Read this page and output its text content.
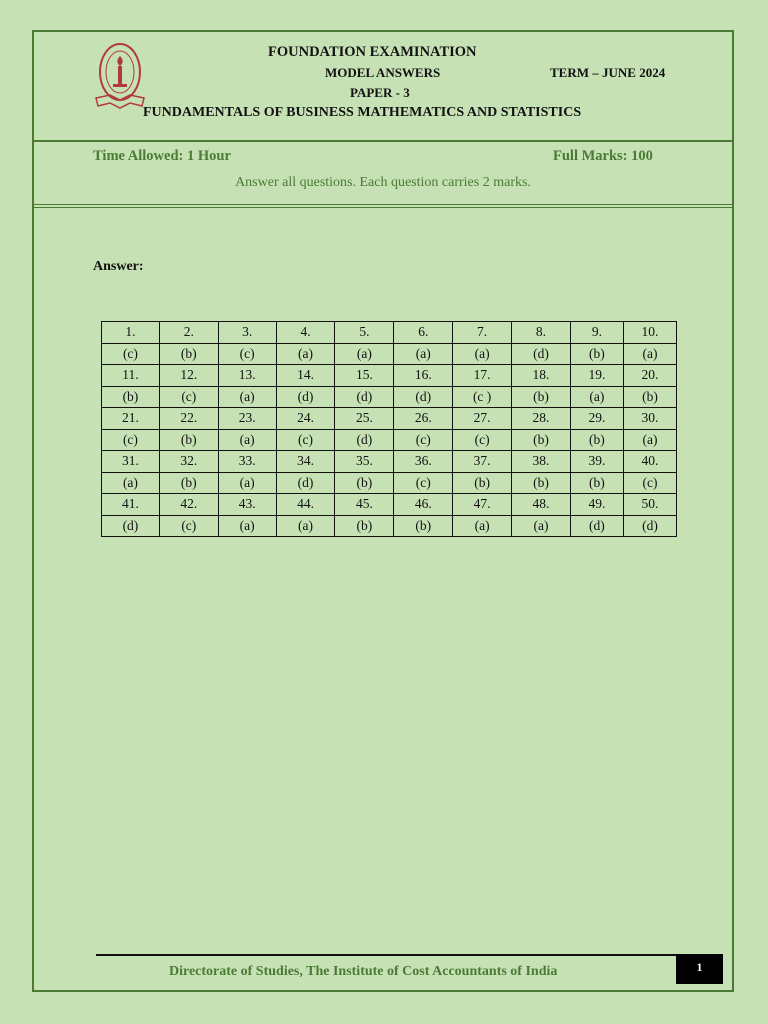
FOUNDATION EXAMINATION
MODEL ANSWERS	TERM – JUNE 2024
PAPER - 3
FUNDAMENTALS OF BUSINESS MATHEMATICS AND STATISTICS
Time Allowed: 1 Hour	Full Marks: 100
Answer all questions. Each question carries 2 marks.
Answer:
1.	2.	3.	4.	5.	6.	7.	8.	9.	10.
(c)	(b)	(c)	(a)	(a)	(a)	(a)	(d)	(b)	(a)
11.	12.	13.	14.	15.	16.	17.	18.	19.	20.
(b)	(c)	(a)	(d)	(d)	(d)	(c )	(b)	(a)	(b)
21.	22.	23.	24.	25.	26.	27.	28.	29.	30.
(c)	(b)	(a)	(c)	(d)	(c)	(c)	(b)	(b)	(a)
31.	32.	33.	34.	35.	36.	37.	38.	39.	40.
(a)	(b)	(a)	(d)	(b)	(c)	(b)	(b)	(b)	(c)
41.	42.	43.	44.	45.	46.	47.	48.	49.	50.
(d)	(c)	(a)	(a)	(b)	(b)	(a)	(a)	(d)	(d)
Directorate of Studies, The Institute of Cost Accountants of India	1
